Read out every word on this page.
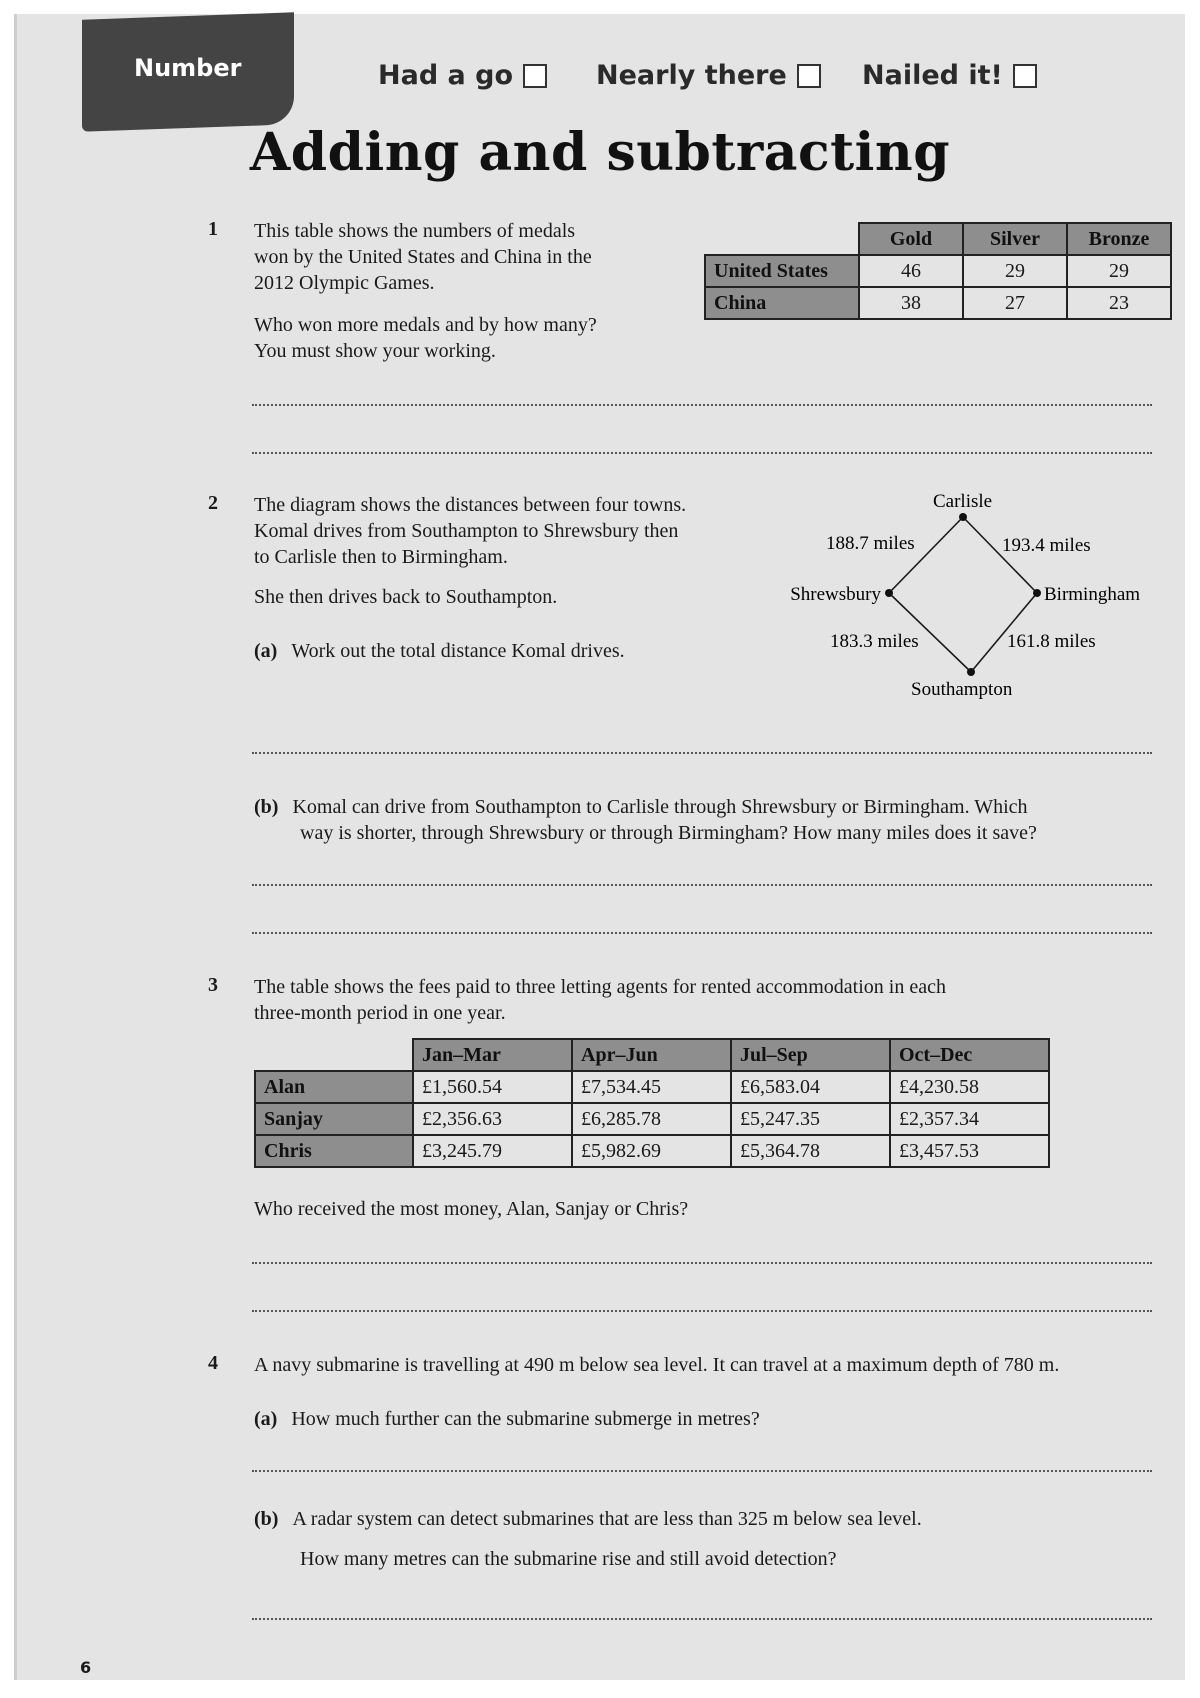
Number	Had a go	Nearly there	Nailed it!
Adding and subtracting
1 This table shows the numbers of medals
won by the United States and China in the
2012 Olympic Games.
Who won more medals and by how many?
You must show your working.
	Gold	Silver	Bronze
United States	46	29	29
China	38	27	23
2 The diagram shows the distances between four towns.
Komal drives from Southampton to Shrewsbury then
to Carlisle then to Birmingham.
She then drives back to Southampton.
(a) Work out the total distance Komal drives.
Carlisle
Shrewsbury	Birmingham
Southampton
188.7 miles	193.4 miles
183.3 miles	161.8 miles
(b) Komal can drive from Southampton to Carlisle through Shrewsbury or Birmingham. Which
way is shorter, through Shrewsbury or through Birmingham? How many miles does it save?
3 The table shows the fees paid to three letting agents for rented accommodation in each
three-month period in one year.
	Jan–Mar	Apr–Jun	Jul–Sep	Oct–Dec
Alan	£1,560.54	£7,534.45	£6,583.04	£4,230.58
Sanjay	£2,356.63	£6,285.78	£5,247.35	£2,357.34
Chris	£3,245.79	£5,982.69	£5,364.78	£3,457.53
Who received the most money, Alan, Sanjay or Chris?
4 A navy submarine is travelling at 490 m below sea level. It can travel at a maximum depth of 780 m.
(a) How much further can the submarine submerge in metres?
(b) A radar system can detect submarines that are less than 325 m below sea level.
How many metres can the submarine rise and still avoid detection?
6
